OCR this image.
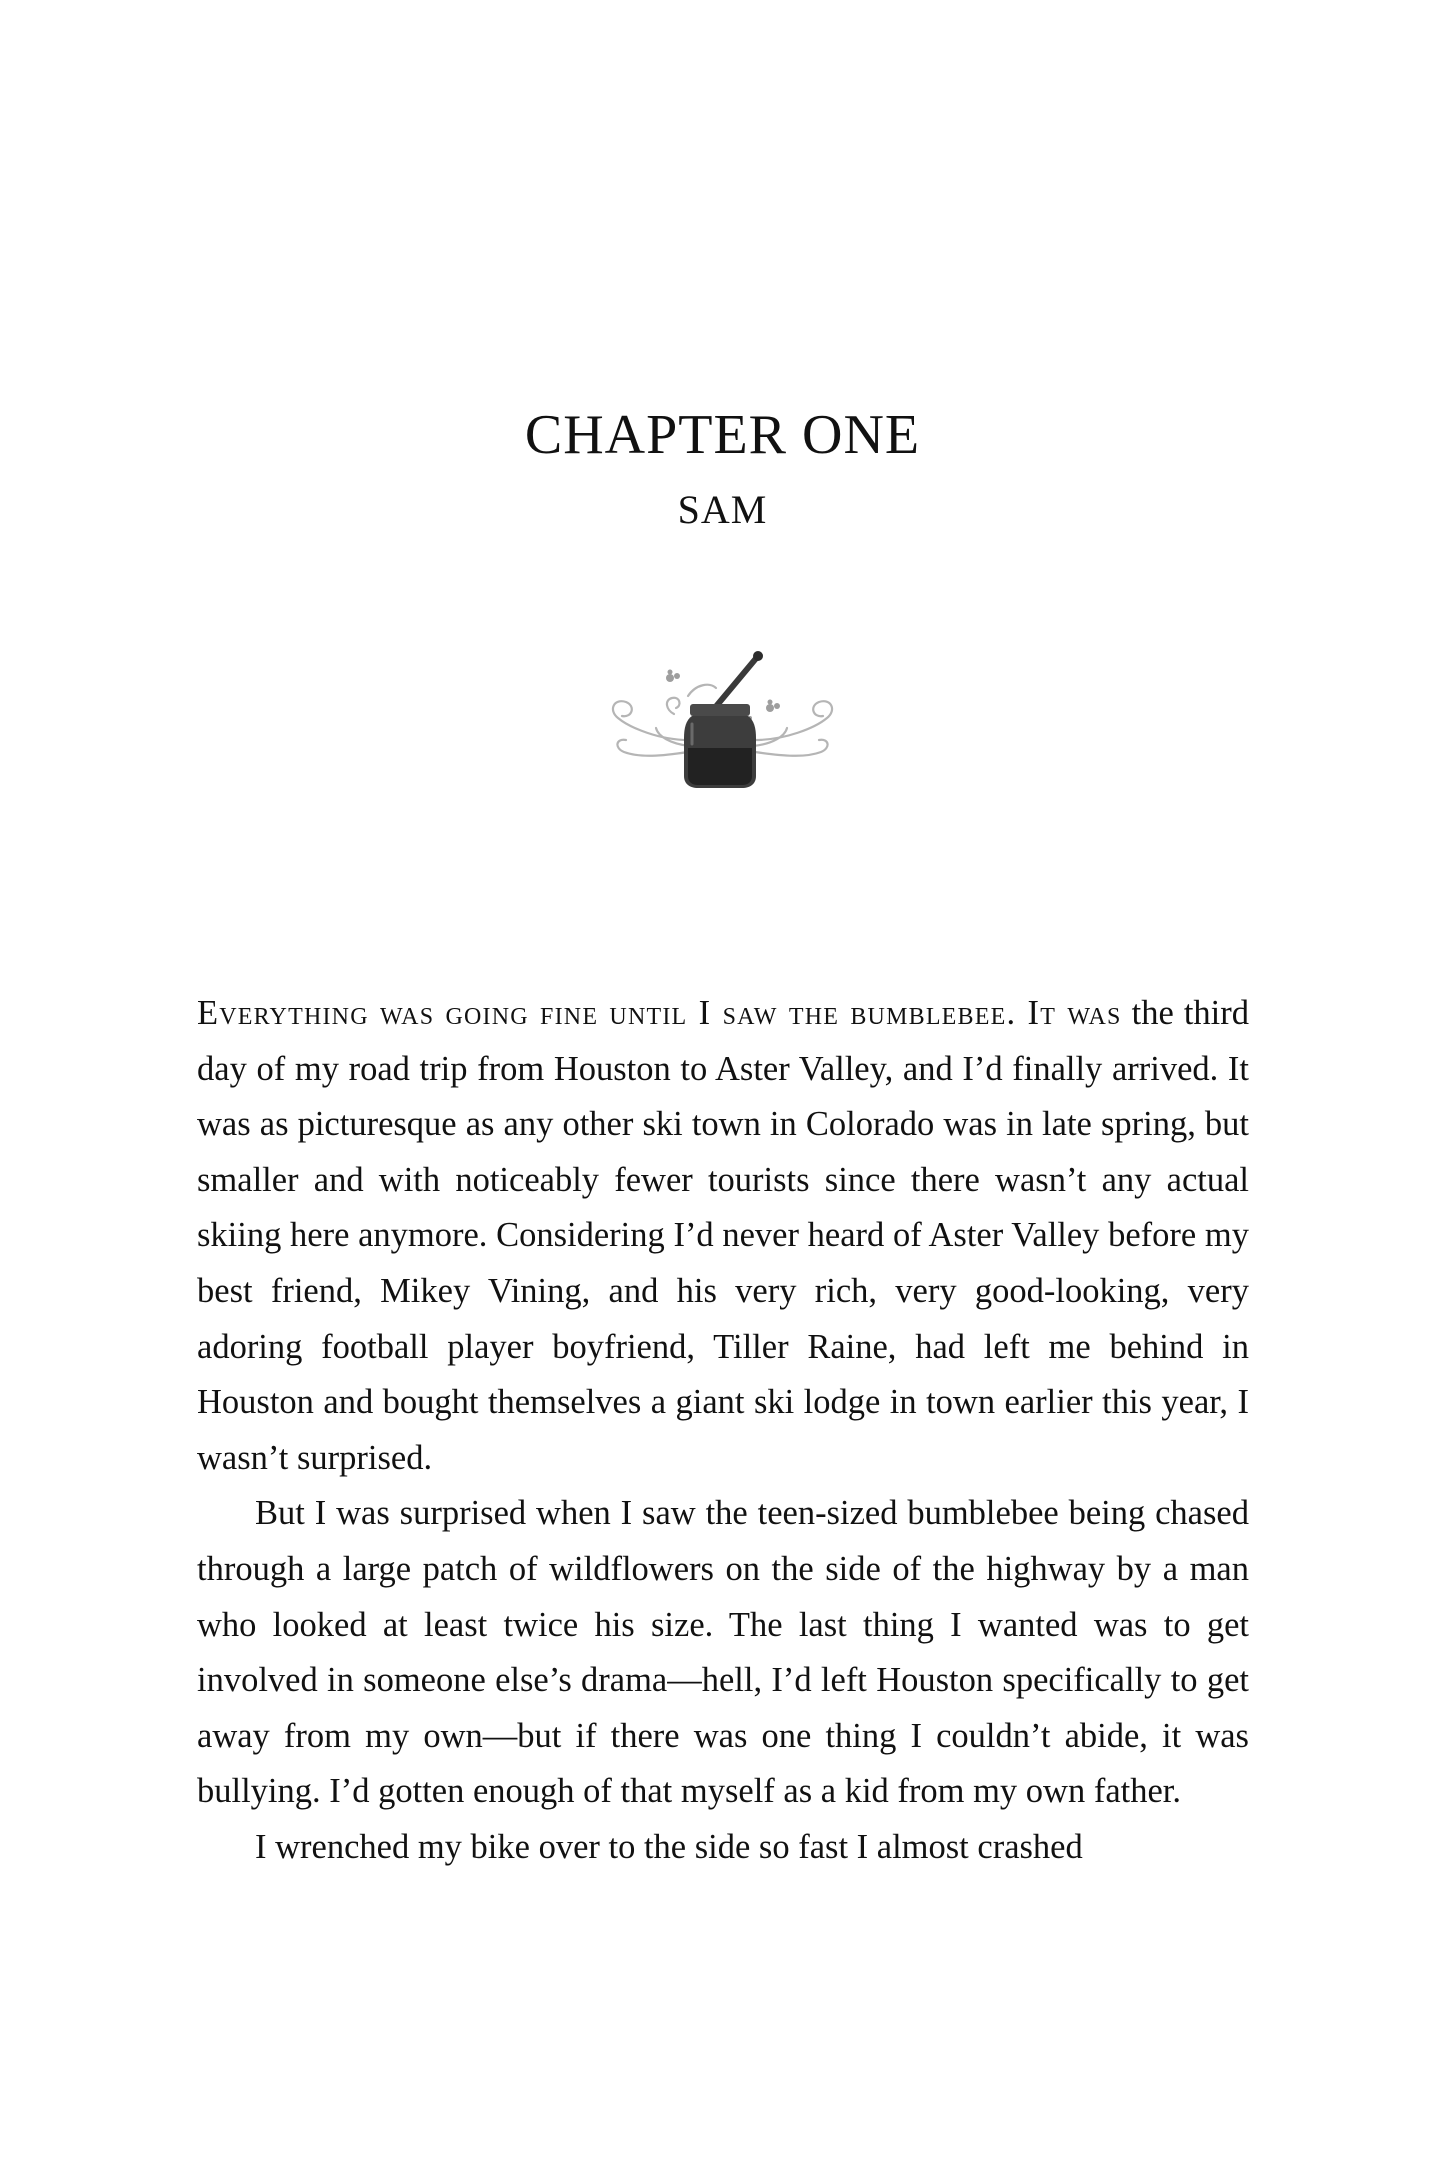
CHAPTER ONE
SAM

Everything was going fine until I saw the bumblebee. It was the third day of my road trip from Houston to Aster Valley, and I’d finally arrived. It was as picturesque as any other ski town in Colorado was in late spring, but smaller and with noticeably fewer tourists since there wasn’t any actual skiing here anymore. Considering I’d never heard of Aster Valley before my best friend, Mikey Vining, and his very rich, very good-looking, very adoring football player boyfriend, Tiller Raine, had left me behind in Houston and bought themselves a giant ski lodge in town earlier this year, I wasn’t surprised.

But I was surprised when I saw the teen-sized bumblebee being chased through a large patch of wildflowers on the side of the highway by a man who looked at least twice his size. The last thing I wanted was to get involved in someone else’s drama—hell, I’d left Houston specifically to get away from my own—but if there was one thing I couldn’t abide, it was bullying. I’d gotten enough of that myself as a kid from my own father.

I wrenched my bike over to the side so fast I almost crashed
